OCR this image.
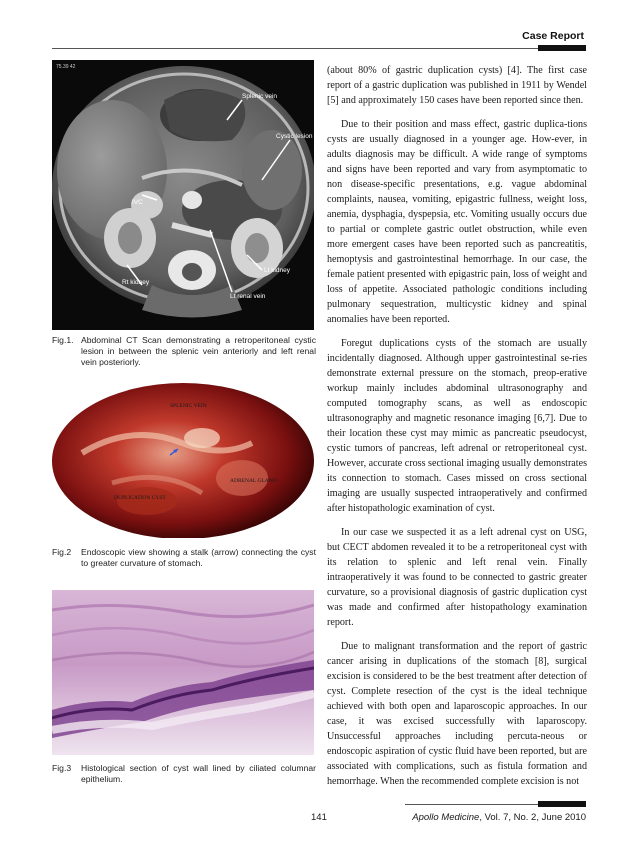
Case Report
75.39 42
Splenic vein
Cystic lesion
IVC
Lt kidney
Rt kidney
Lt renal vein
Fig.1. Abdominal CT Scan demonstrating a retroperitoneal cystic lesion in between the splenic vein anteriorly and left renal vein posteriorly.
SPLENIC VEIN
ADRENAL GLAND
DUPLICATION CYST
Fig.2	Endoscopic view showing a stalk (arrow) connecting the cyst to greater curvature of stomach.
Fig.3	Histological section of cyst wall lined by ciliated columnar epithelium.

(about 80% of gastric duplication cysts) [4]. The first case report of a gastric duplication was published in 1911 by Wendel [5] and approximately 150 cases have been reported since then.

Due to their position and mass effect, gastric duplica-tions cysts are usually diagnosed in a younger age. How-ever, in adults diagnosis may be difficult. A wide range of symptoms and signs have been reported and vary from asymptomatic to non disease-specific presentations, e.g. vague abdominal complaints, nausea, vomiting, epigastric fullness, weight loss, anemia, dysphagia, dyspepsia, etc. Vomiting usually occurs due to partial or complete gastric outlet obstruction, while even more emergent cases have been reported such as pancreatitis, hemoptysis and gastrointestinal hemorrhage. In our case, the female patient presented with epigastric pain, loss of weight and loss of appetite. Associated pathologic conditions including pulmonary sequestration, multicystic kidney and spinal anomalies have been reported.

Foregut duplications cysts of the stomach are usually incidentally diagnosed. Although upper gastrointestinal se-ries demonstrate external pressure on the stomach, preop-erative workup mainly includes abdominal ultrasonography and computed tomography scans, as well as endoscopic ultrasonography and magnetic resonance imaging [6,7]. Due to their location these cyst may mimic as pancreatic pseudocyst, cystic tumors of pancreas, left adrenal or retroperitoneal cyst. However, accurate cross sectional imaging usually demonstrates its connection to stomach. Cases missed on cross sectional imaging are usually suspected intraoperatively and confirmed after histopathologic examination of cyst.

In our case we suspected it as a left adrenal cyst on USG, but CECT abdomen revealed it to be a retroperitoneal cyst with its relation to splenic and left renal vein. Finally intraoperatively it was found to be connected to gastric greater curvature, so a provisional diagnosis of gastric duplication cyst was made and confirmed after histopathology examination report.

Due to malignant transformation and the report of gastric cancer arising in duplications of the stomach [8], surgical excision is considered to be the best treatment after detection of cyst. Complete resection of the cyst is the ideal technique achieved with both open and laparoscopic approaches. In our case, it was excised successfully with laparoscopy. Unsuccessful approaches including percuta-neous or endoscopic aspiration of cystic fluid have been reported, but are associated with complications, such as fistula formation and hemorrhage. When the recommended complete excision is not

141	Apollo Medicine, Vol. 7, No. 2, June 2010
